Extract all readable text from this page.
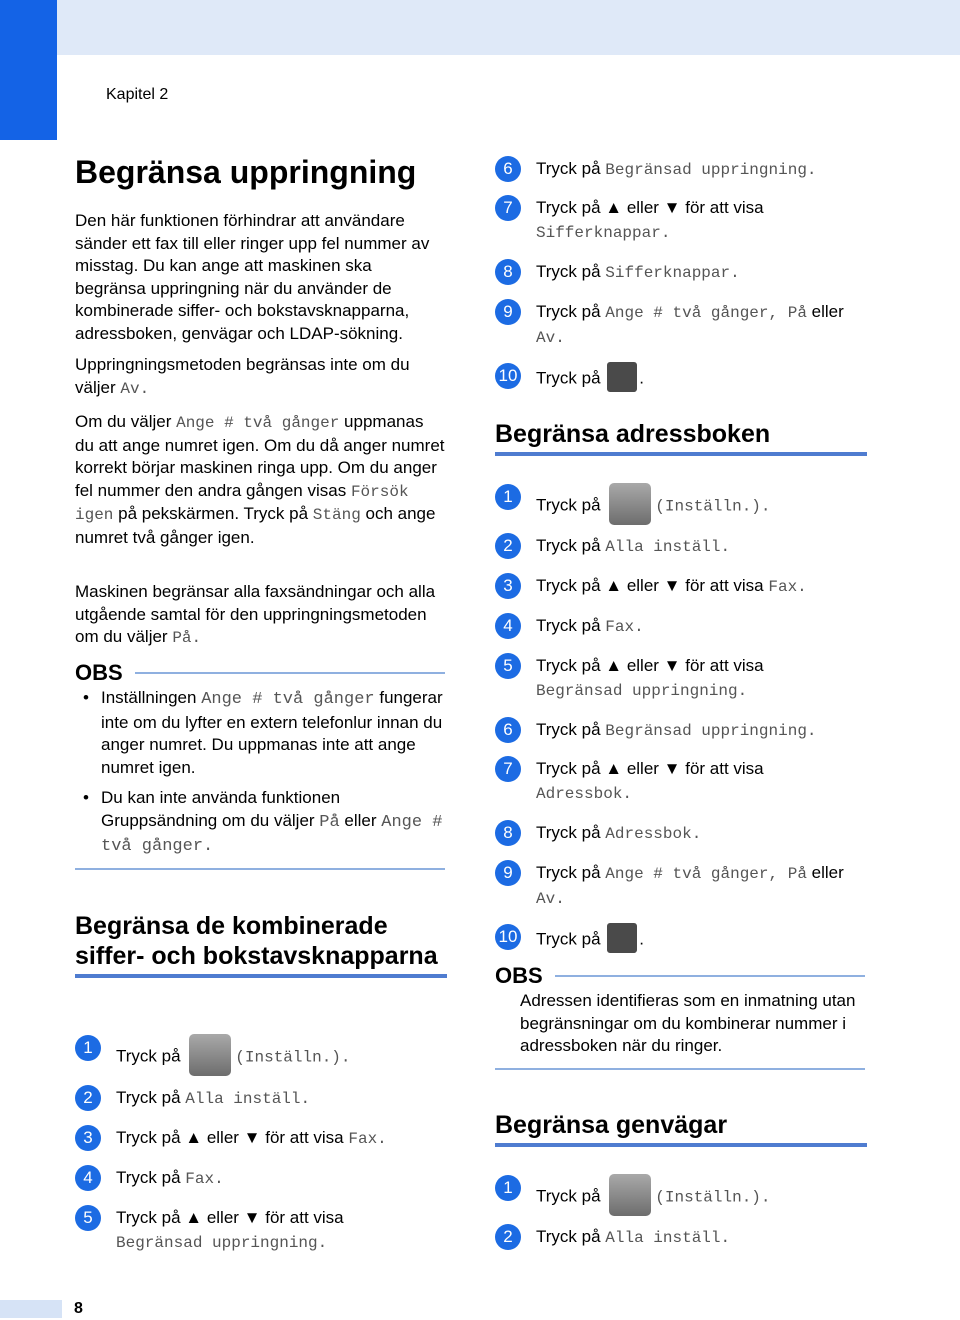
Kapitel 2
Begränsa uppringning
Den här funktionen förhindrar att användare sänder ett fax till eller ringer upp fel nummer av misstag. Du kan ange att maskinen ska begränsa uppringning när du använder de kombinerade siffer- och bokstavsknapparna, adressboken, genvägar och LDAP-sökning.
Uppringningsmetoden begränsas inte om du väljer Av.
Om du väljer Ange # två gånger uppmanas du att ange numret igen. Om du då anger numret korrekt börjar maskinen ringa upp. Om du anger fel nummer den andra gången visas Försök igen på pekskärmen. Tryck på Stäng och ange numret två gånger igen.
Maskinen begränsar alla faxsändningar och alla utgående samtal för den uppringningsmetoden om du väljer På.
OBS
• Inställningen Ange # två gånger fungerar inte om du lyfter en extern telefonlur innan du anger numret. Du uppmanas inte att ange numret igen.
• Du kan inte använda funktionen Gruppsändning om du väljer På eller Ange # två gånger.
Begränsa de kombinerade siffer- och bokstavsknapparna
1	Tryck på	(Inställn.).
2	Tryck på Alla inställ.
3	Tryck på ▲ eller ▼ för att visa Fax.
4	Tryck på Fax.
5	Tryck på ▲ eller ▼ för att visa
Begränsad uppringning.
6	Tryck på Begränsad uppringning.
7	Tryck på ▲ eller ▼ för att visa
Sifferknappar.
8	Tryck på Sifferknappar.
9	Tryck på Ange # två gånger, På eller
Av.
10 Tryck på .
Begränsa adressboken
1	Tryck på	(Inställn.).
2	Tryck på Alla inställ.
3	Tryck på ▲ eller ▼ för att visa Fax.
4	Tryck på Fax.
5	Tryck på ▲ eller ▼ för att visa
Begränsad uppringning.
6	Tryck på Begränsad uppringning.
7	Tryck på ▲ eller ▼ för att visa
Adressbok.
8	Tryck på Adressbok.
9	Tryck på Ange # två gånger, På eller
Av.
10 Tryck på .
OBS
Adressen identifieras som en inmatning utan begränsningar om du kombinerar nummer i adressboken när du ringer.
Begränsa genvägar
1	Tryck på	(Inställn.).
2	Tryck på Alla inställ.
8
